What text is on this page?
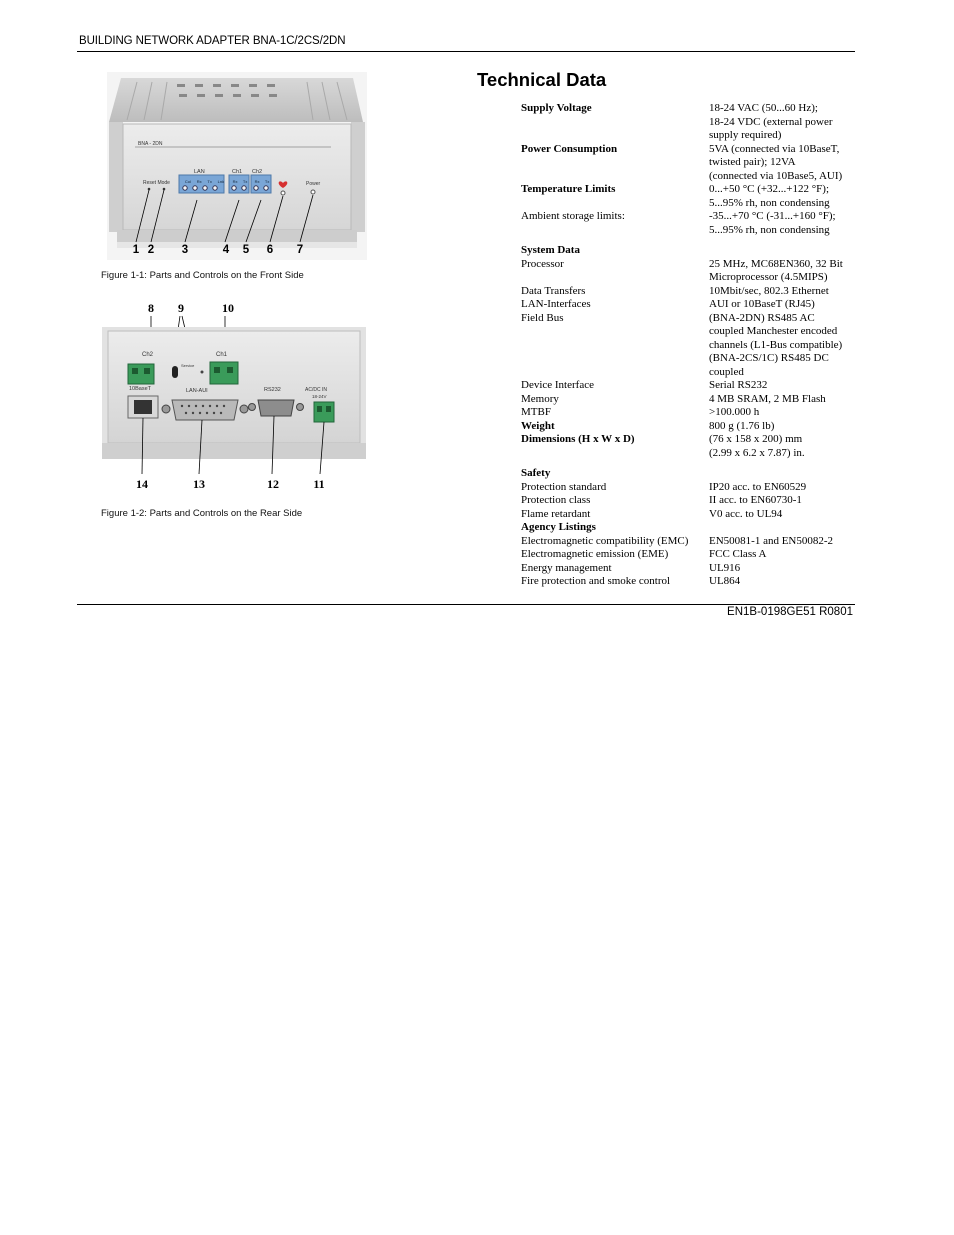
BUILDING NETWORK ADAPTER BNA-1C/2CS/2DN
BNA - 2DN
Reset Mode
LAN
Col Rx Tx Lnk
Ch1
Rx Tx
Ch2
Rx Tx	Power
1 2 3	4 5 6 7
Figure 1-1: Parts and Controls on the Front Side
8 9	10
Ch2	Ch1
Service
10BaseT	LAN-AUI	RS232	AC/DC IN
18-24V
14	13	12	11
Figure 1-2: Parts and Controls on the Rear Side
Technical Data
Supply Voltage	18-24 VAC (50...60 Hz);
18-24 VDC (external power
supply required)

Power Consumption	5VA (connected via 10BaseT,
twisted pair); 12VA
(connected via 10Base5, AUI)

Temperature Limits	0...+50 °C (+32...+122 °F);
5...95% rh, non condensing

Ambient storage limits:	-35...+70 °C (-31...+160 °F);
5...95% rh, non condensing

System Data	
Processor	25 MHz, MC68EN360, 32 Bit
Microprocessor (4.5MIPS)

Data Transfers	10Mbit/sec, 802.3 Ethernet

LAN-Interfaces	AUI or 10BaseT (RJ45)

Field Bus	(BNA-2DN) RS485 AC
coupled Manchester encoded
channels (L1-Bus compatible)
(BNA-2CS/1C) RS485 DC
coupled

Device Interface	Serial RS232

Memory	4 MB SRAM, 2 MB Flash

MTBF	>100.000 h

Weight	800 g (1.76 lb)

Dimensions (H x W x D)	(76 x 158 x 200) mm
(2.99 x 6.2 x 7.87) in.

Safety	
Protection standard	IP20 acc. to EN60529

Protection class	II acc. to EN60730-1

Flame retardant	V0 acc. to UL94

Agency Listings	
Electromagnetic compatibility (EMC)	EN50081-1 and EN50082-2

Electromagnetic emission (EME)	FCC Class A

Energy management	UL916

Fire protection and smoke control	UL864
EN1B-0198GE51 R0801
